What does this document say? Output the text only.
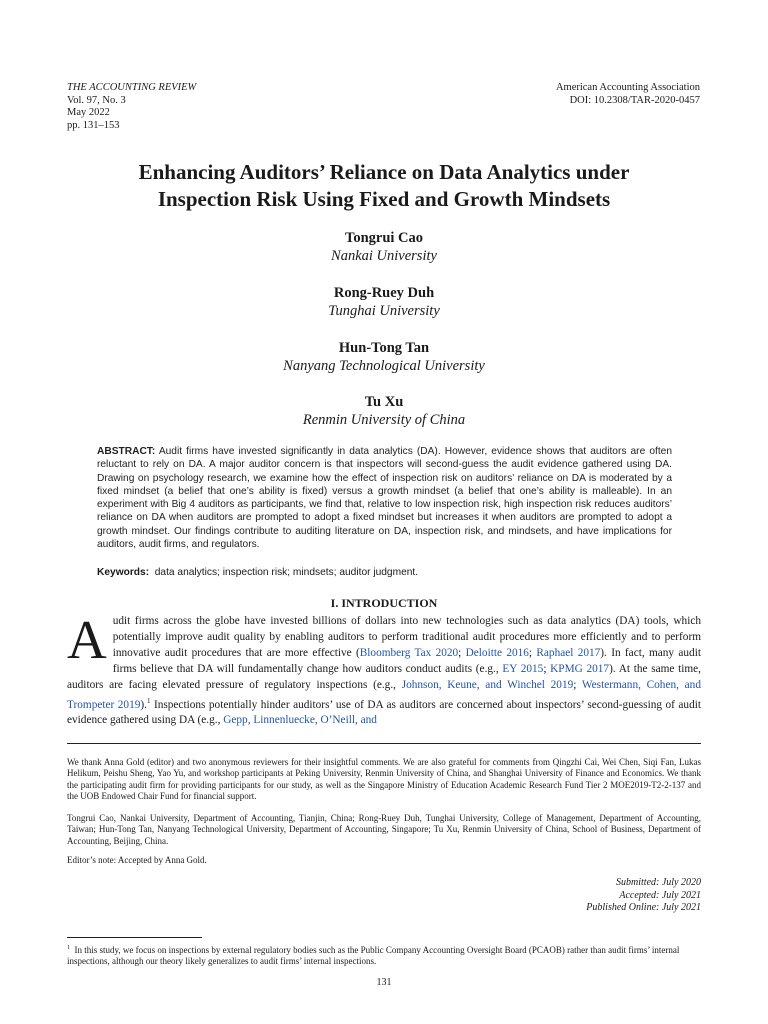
THE ACCOUNTING REVIEW
Vol. 97, No. 3
May 2022
pp. 131–153
American Accounting Association
DOI: 10.2308/TAR-2020-0457
Enhancing Auditors’ Reliance on Data Analytics under
Inspection Risk Using Fixed and Growth Mindsets
Tongrui Cao
Nankai University
Rong-Ruey Duh
Tunghai University
Hun-Tong Tan
Nanyang Technological University
Tu Xu
Renmin University of China
ABSTRACT: Audit firms have invested significantly in data analytics (DA). However, evidence shows that auditors are often reluctant to rely on DA. A major auditor concern is that inspectors will second-guess the audit evidence gathered using DA. Drawing on psychology research, we examine how the effect of inspection risk on auditors’ reliance on DA is moderated by a fixed mindset (a belief that one’s ability is fixed) versus a growth mindset (a belief that one’s ability is malleable). In an experiment with Big 4 auditors as participants, we find that, relative to low inspection risk, high inspection risk reduces auditors’ reliance on DA when auditors are prompted to adopt a fixed mindset but increases it when auditors are prompted to adopt a growth mindset. Our findings contribute to auditing literature on DA, inspection risk, and mindsets, and have implications for auditors, audit firms, and regulators.
Keywords: data analytics; inspection risk; mindsets; auditor judgment.
I. INTRODUCTION
Audit firms across the globe have invested billions of dollars into new technologies such as data analytics (DA) tools, which potentially improve audit quality by enabling auditors to perform traditional audit procedures more efficiently and to perform innovative audit procedures that are more effective (Bloomberg Tax 2020; Deloitte 2016; Raphael 2017). In fact, many audit firms believe that DA will fundamentally change how auditors conduct audits (e.g., EY 2015; KPMG 2017). At the same time, auditors are facing elevated pressure of regulatory inspections (e.g., Johnson, Keune, and Winchel 2019; Westermann, Cohen, and Trompeter 2019).$^1$ Inspections potentially hinder auditors’ use of DA as auditors are concerned about inspectors’ second-guessing of audit evidence gathered using DA (e.g., Gepp, Linnenluecke, O’Neill, and
We thank Anna Gold (editor) and two anonymous reviewers for their insightful comments. We are also grateful for comments from Qingzhi Cai, Wei Chen, Siqi Fan, Lukas Helikum, Peishu Sheng, Yao Yu, and workshop participants at Peking University, Renmin University of China, and Shanghai University of Finance and Economics. We thank the participating audit firm for providing participants for our study, as well as the Singapore Ministry of Education Academic Research Fund Tier 2 MOE2019-T2-2-137 and the UOB Endowed Chair Fund for financial support.
Tongrui Cao, Nankai University, Department of Accounting, Tianjin, China; Rong-Ruey Duh, Tunghai University, College of Management, Department of Accounting, Taiwan; Hun-Tong Tan, Nanyang Technological University, Department of Accounting, Singapore; Tu Xu, Renmin University of China, School of Business, Department of Accounting, Beijing, China.
Editor’s note: Accepted by Anna Gold.
Submitted: July 2020
Accepted: July 2021
Published Online: July 2021
$^1$ In this study, we focus on inspections by external regulatory bodies such as the Public Company Accounting Oversight Board (PCAOB) rather than audit firms’ internal inspections, although our theory likely generalizes to audit firms’ internal inspections.
131
